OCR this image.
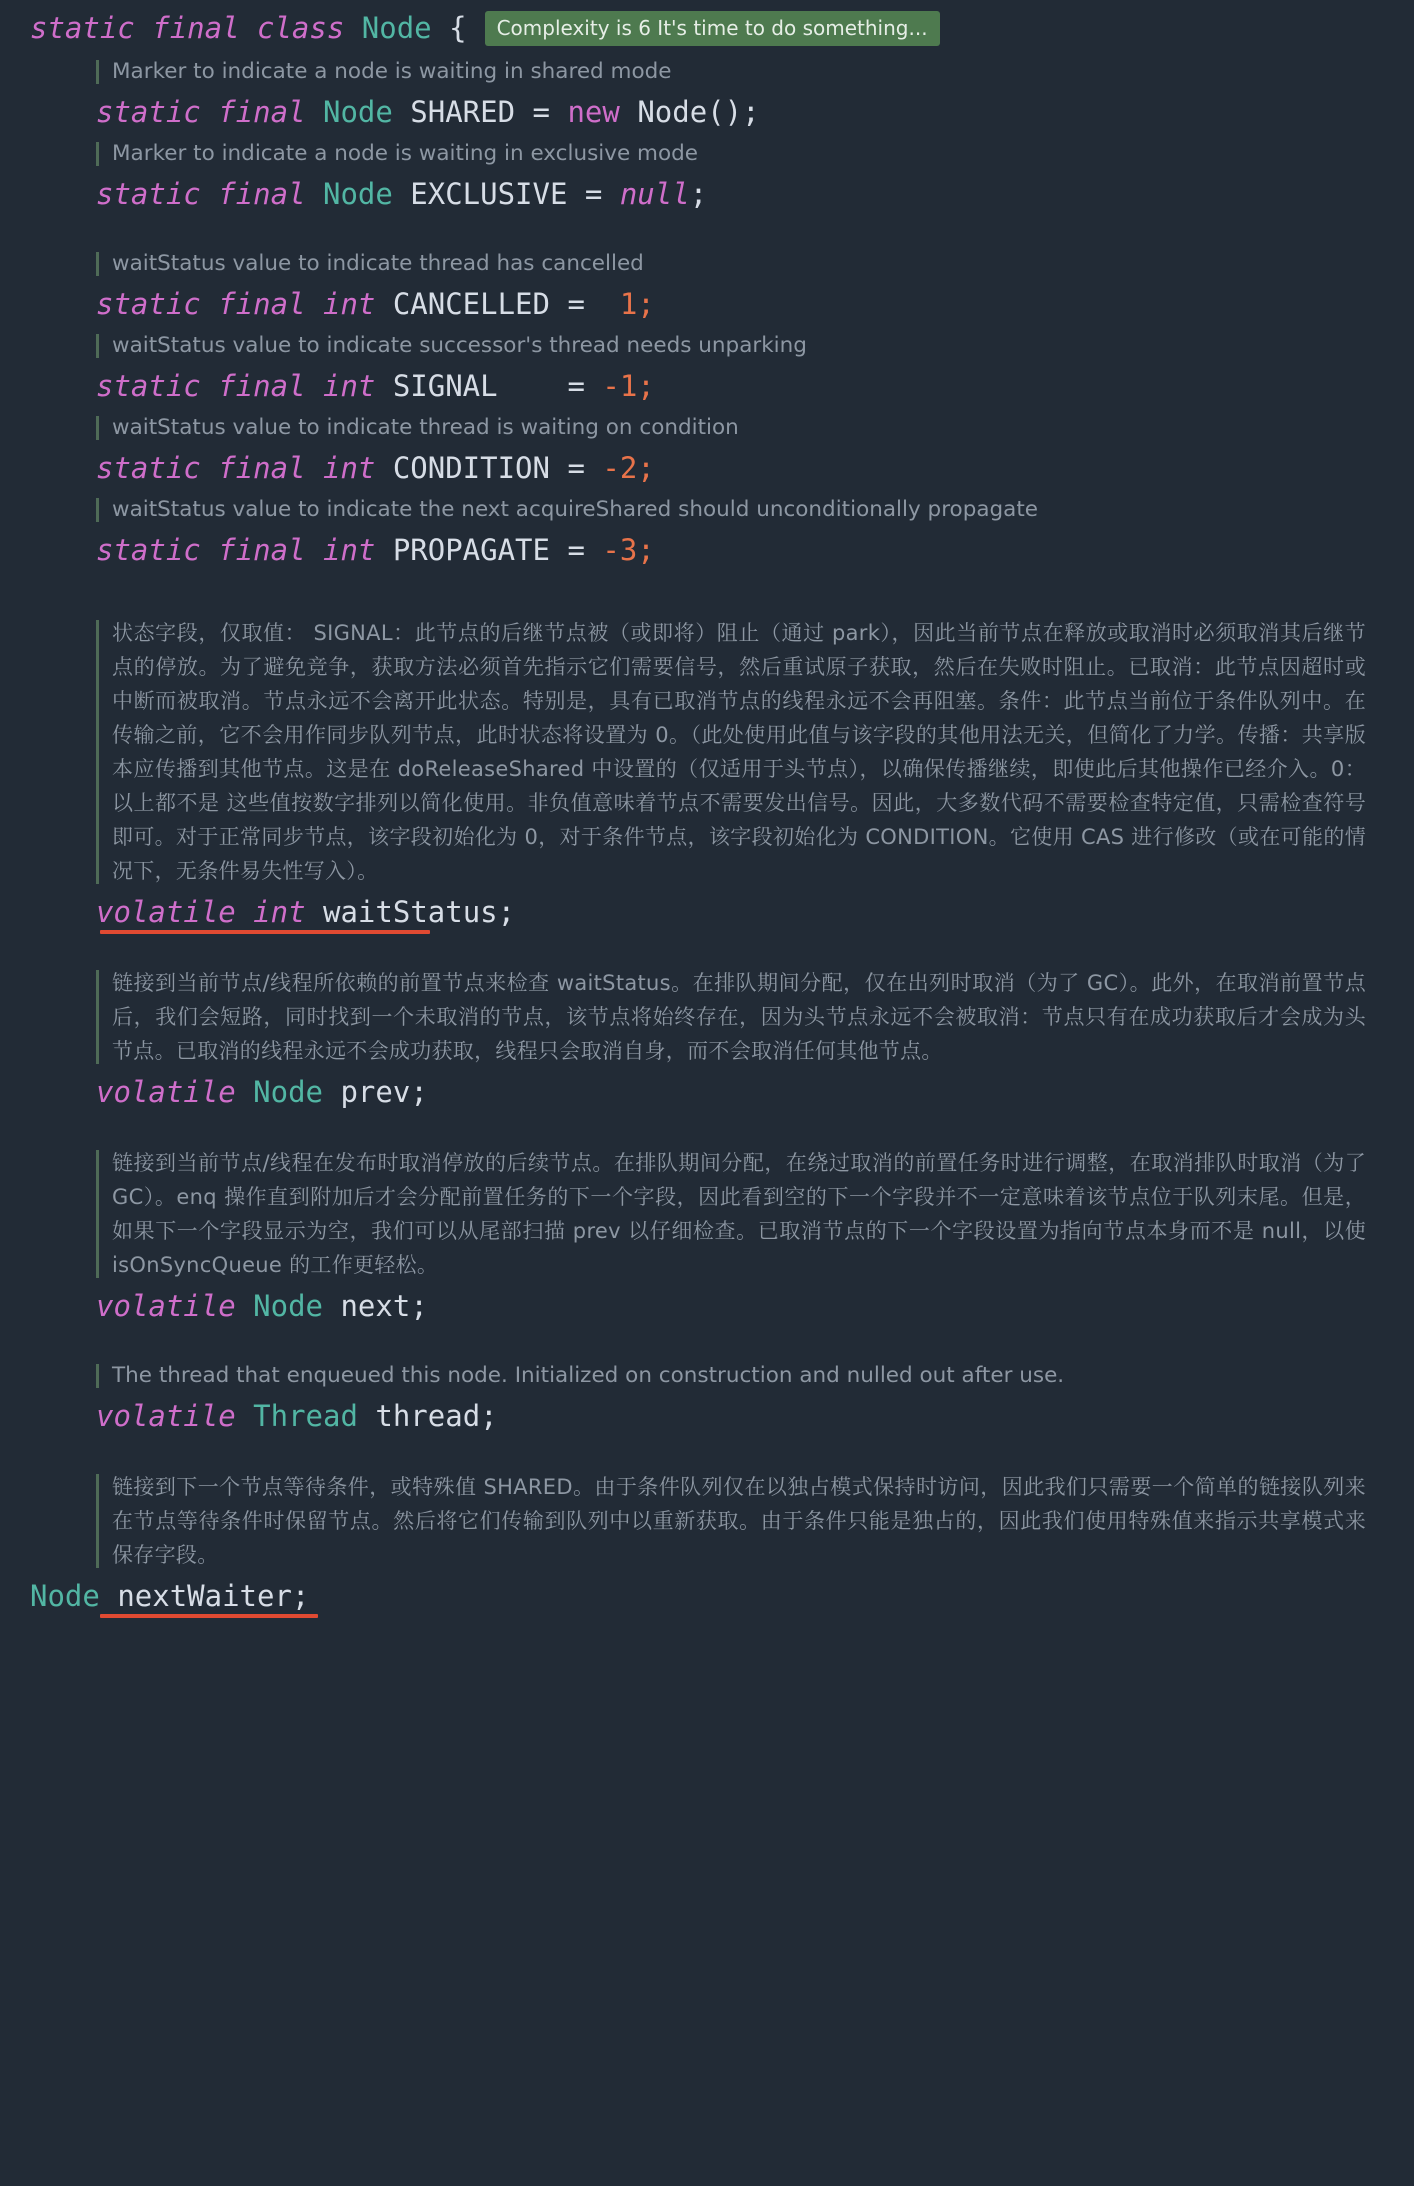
static
final
class
Node
{	Complexity is 6 It's time to do something...
Marker to indicate a node is waiting in shared mode
static final Node SHARED = new Node();
Marker to indicate a node is waiting in exclusive mode
static final Node EXCLUSIVE = null;
waitStatus value to indicate thread has cancelled
static final int CANCELLED = 1;
waitStatus value to indicate successor's thread needs unparking
static final int SIGNAL = -1;
waitStatus value to indicate thread is waiting on condition
static final int CONDITION = -2;
waitStatus value to indicate the next acquireShared should unconditionally propagate
static final int PROPAGATE = -3;
状态字段，仅取值： SIGNAL：此节点的后继节点被（或即将）阻止（通过 park），因此当前节点在释放或取消时必须取消其后继节点的停放。为了避免竞争，获取方法必须首先指示它们需要信号，然后重试原子获取，然后在失败时阻止。已取消：此节点因超时或中断而被取消。节点永远不会离开此状态。特别是，具有已取消节点的线程永远不会再阻塞。条件：此节点当前位于条件队列中。在传输之前，它不会用作同步队列节点，此时状态将设置为 0。（此处使用此值与该字段的其他用法无关，但简化了力学。传播：共享版本应传播到其他节点。这是在 doReleaseShared 中设置的（仅适用于头节点），以确保传播继续，即使此后其他操作已经介入。0：以上都不是 这些值按数字排列以简化使用。非负值意味着节点不需要发出信号。因此，大多数代码不需要检查特定值，只需检查符号即可。对于正常同步节点，该字段初始化为 0，对于条件节点，该字段初始化为 CONDITION。它使用 CAS 进行修改（或在可能的情况下，无条件易失性写入）。
volatile int waitStatus;
链接到当前节点/线程所依赖的前置节点来检查 waitStatus。在排队期间分配，仅在出列时取消（为了 GC）。此外，在取消前置节点后，我们会短路，同时找到一个未取消的节点，该节点将始终存在，因为头节点永远不会被取消：节点只有在成功获取后才会成为头节点。已取消的线程永远不会成功获取，线程只会取消自身，而不会取消任何其他节点。
volatile Node prev;
链接到当前节点/线程在发布时取消停放的后续节点。在排队期间分配，在绕过取消的前置任务时进行调整，在取消排队时取消（为了 GC）。enq 操作直到附加后才会分配前置任务的下一个字段，因此看到空的下一个字段并不一定意味着该节点位于队列末尾。但是，如果下一个字段显示为空，我们可以从尾部扫描 prev 以仔细检查。已取消节点的下一个字段设置为指向节点本身而不是 null，以使 isOnSyncQueue 的工作更轻松。
volatile Node next;
The thread that enqueued this node. Initialized on construction and nulled out after use.
volatile Thread thread;
链接到下一个节点等待条件，或特殊值 SHARED。由于条件队列仅在以独占模式保持时访问，因此我们只需要一个简单的链接队列来在节点等待条件时保留节点。然后将它们传输到队列中以重新获取。由于条件只能是独占的，因此我们使用特殊值来指示共享模式来保存字段。
Node nextWaiter;
